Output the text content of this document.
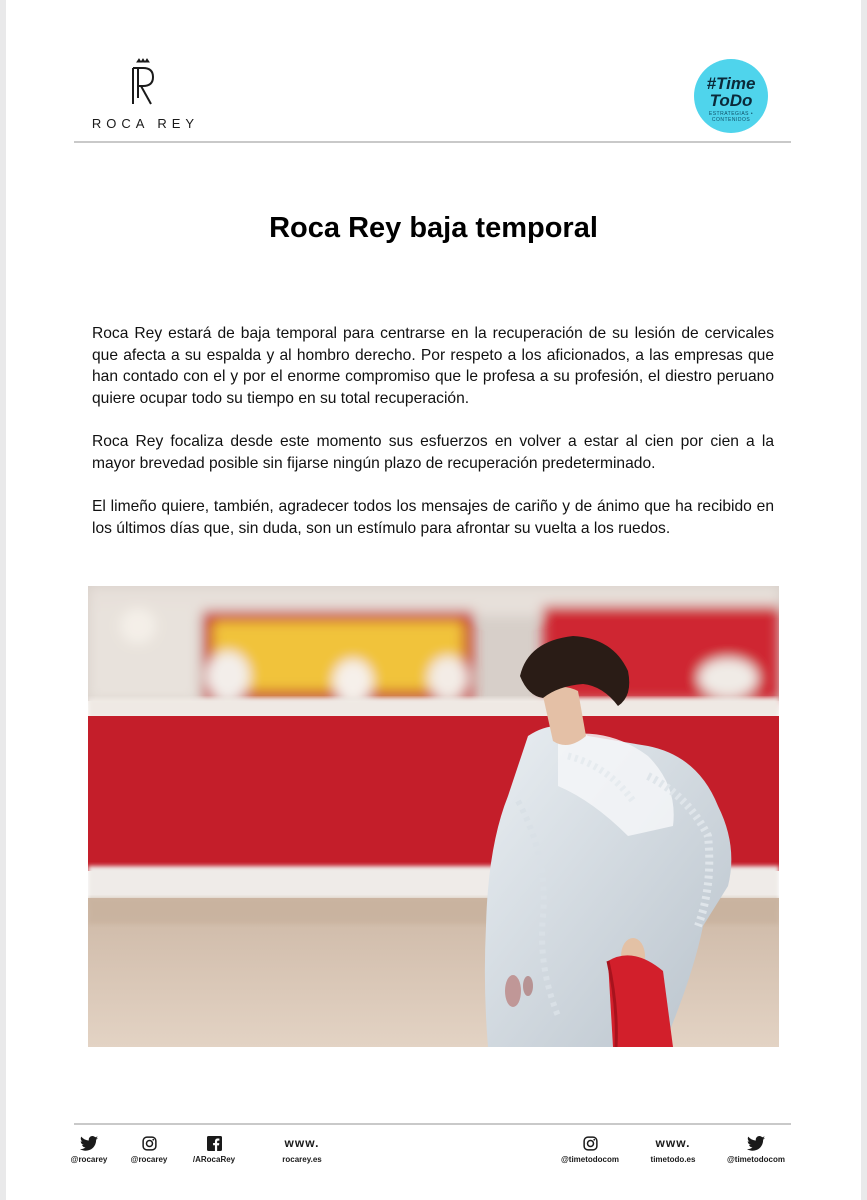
ROCA REY
#Time
ToDo
ESTRATEGIAS • CONTENIDOS
Roca Rey baja temporal

Roca Rey estará de baja temporal para centrarse en la recuperación de su lesión de cervicales que afecta a su espalda y al hombro derecho. Por respeto a los aficionados, a las empresas que han contado con el y por el enorme compromiso que le profesa a su profesión, el diestro peruano quiere ocupar todo su tiempo en su total recuperación.

Roca Rey focaliza desde este momento sus esfuerzos en volver a estar al cien por cien a la mayor brevedad posible sin fijarse ningún plazo de recuperación predeterminado.

El limeño quiere, también, agradecer todos los mensajes de cariño y de ánimo que ha recibido en los últimos días que, sin duda, son un estímulo para afrontar su vuelta a los ruedos.

@rocarey	@rocarey	/ARocaRey
www.
rocarey.es	@timetodocom
www.
timetodo.es	@timetodocom
